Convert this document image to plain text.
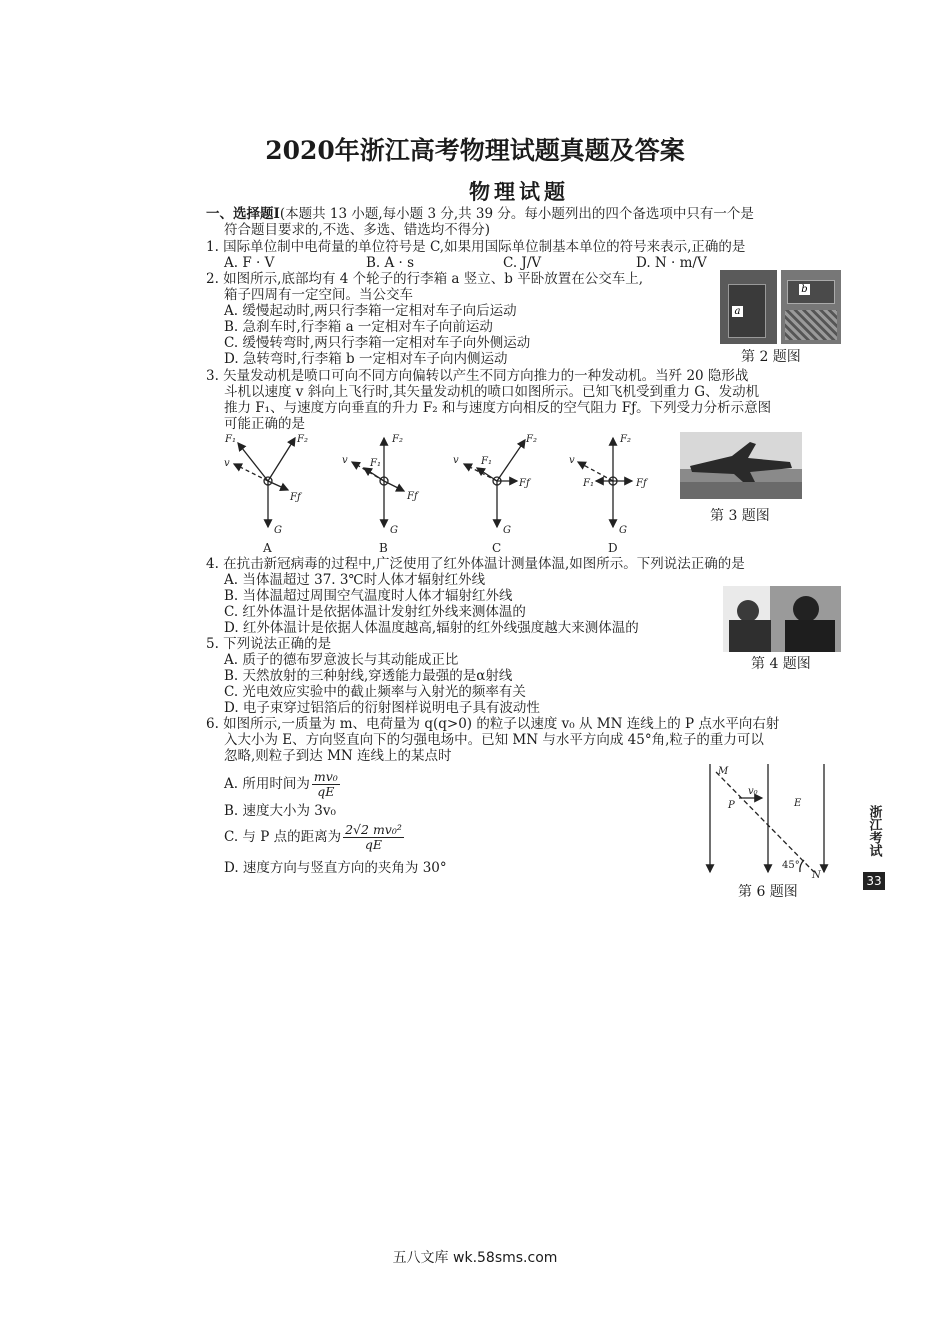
2020年浙江高考物理试题真题及答案
物理试题
一、选择题Ⅰ(本题共 13 小题,每小题 3 分,共 39 分。每小题列出的四个备选项中只有一个是
符合题目要求的,不选、多选、错选均不得分)
1. 国际单位制中电荷量的单位符号是 C,如果用国际单位制基本单位的符号来表示,正确的是
A. F · V	B. A · s	C. J/V	D. N · m/V
2. 如图所示,底部均有 4 个轮子的行李箱 a 竖立、b 平卧放置在公交车上,
箱子四周有一定空间。当公交车
A. 缓慢起动时,两只行李箱一定相对车子向后运动
B. 急刹车时,行李箱 a 一定相对车子向前运动
C. 缓慢转弯时,两只行李箱一定相对车子向外侧运动
D. 急转弯时,行李箱 b 一定相对车子向内侧运动
a
b
第 2 题图
3. 矢量发动机是喷口可向不同方向偏转以产生不同方向推力的一种发动机。当歼 20 隐形战
斗机以速度 v 斜向上飞行时,其矢量发动机的喷口如图所示。已知飞机受到重力 G、发动机
推力 F₁、与速度方向垂直的升力 F₂ 和与速度方向相反的空气阻力 Fƒ。下列受力分析示意图
可能正确的是
F₁	F₂
v
Fƒ
G
F₂
F₁
v
Fƒ
G
F₂
F₁
v
Fƒ
G
F₂
F₁
v
Fƒ
G
A	B	C	D
第 3 题图
4. 在抗击新冠病毒的过程中,广泛使用了红外体温计测量体温,如图所示。下列说法正确的是
A. 当体温超过 37. 3℃时人体才辐射红外线
B. 当体温超过周围空气温度时人体才辐射红外线
C. 红外体温计是依据体温计发射红外线来测体温的
D. 红外体温计是依据人体温度越高,辐射的红外线强度越大来测体温的
第 4 题图
5. 下列说法正确的是
A. 质子的德布罗意波长与其动能成正比
B. 天然放射的三种射线,穿透能力最强的是α射线
C. 光电效应实验中的截止频率与入射光的频率有关
D. 电子束穿过铝箔后的衍射图样说明电子具有波动性
6. 如图所示,一质量为 m、电荷量为 q(q>0) 的粒子以速度 v₀ 从 MN 连线上的 P 点水平向右射
入大小为 E、方向竖直向下的匀强电场中。已知 MN 与水平方向成 45°角,粒子的重力可以
忽略,则粒子到达 MN 连线上的某点时
A. 所用时间为 $\frac{\text{mv₀}}{qE}$
B. 速度大小为 3v₀
C. 与 P 点的距离为 $\frac{\text{2√2 mv₀²}}{qE}$
D. 速度方向与竖直方向的夹角为 30°
M
P
v₀
E
N
45°
第 6 题图
浙江考试
33
五八文库 wk.58sms.com
